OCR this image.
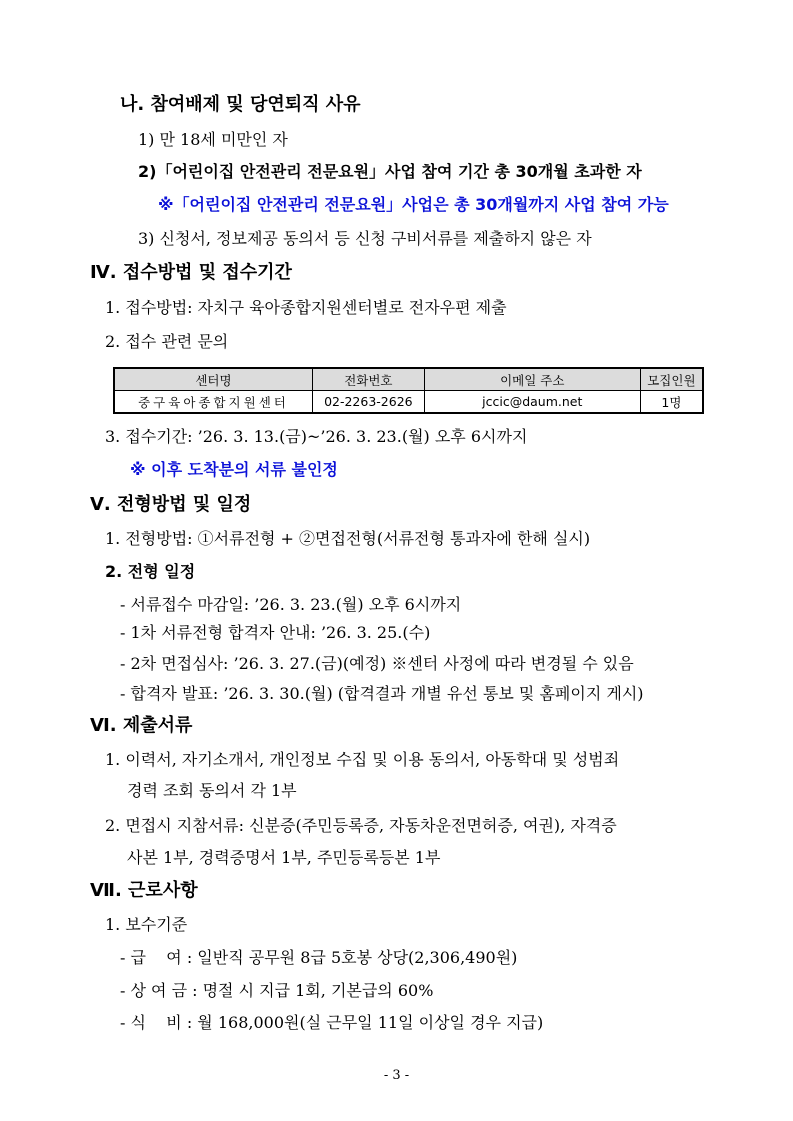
나. 참여배제 및 당연퇴직 사유
1) 만 18세 미만인 자
2)「어린이집 안전관리 전문요원」사업 참여 기간 총 30개월 초과한 자
※「어린이집 안전관리 전문요원」사업은 총 30개월까지 사업 참여 가능
3) 신청서, 정보제공 동의서 등 신청 구비서류를 제출하지 않은 자
Ⅳ. 접수방법 및 접수기간
1. 접수방법: 자치구 육아종합지원센터별로 전자우편 제출
2. 접수 관련 문의
센터명	전화번호	이메일 주소	모집인원
중구육아종합지원센터	02-2263-2626	jccic@daum.net	1명
3. 접수기간: ’26. 3. 13.(금)~’26. 3. 23.(월) 오후 6시까지
※ 이후 도착분의 서류 불인정
Ⅴ. 전형방법 및 일정
1. 전형방법: ①서류전형 + ②면접전형(서류전형 통과자에 한해 실시)
2. 전형 일정
- 서류접수 마감일: ’26. 3. 23.(월) 오후 6시까지
- 1차 서류전형 합격자 안내: ’26. 3. 25.(수)
- 2차 면접심사: ’26. 3. 27.(금)(예정) ※센터 사정에 따라 변경될 수 있음
- 합격자 발표: ’26. 3. 30.(월) (합격결과 개별 유선 통보 및 홈페이지 게시)
Ⅵ. 제출서류
1. 이력서, 자기소개서, 개인정보 수집 및 이용 동의서, 아동학대 및 성범죄
경력 조회 동의서 각 1부
2. 면접시 지참서류: 신분증(주민등록증, 자동차운전면허증, 여권), 자격증
사본 1부, 경력증명서 1부, 주민등록등본 1부
Ⅶ. 근로사항
1. 보수기준
- 급    여 : 일반직 공무원 8급 5호봉 상당(2,306,490원)
- 상 여 금 : 명절 시 지급 1회, 기본급의 60%
- 식    비 : 월 168,000원(실 근무일 11일 이상일 경우 지급)
- 3 -
